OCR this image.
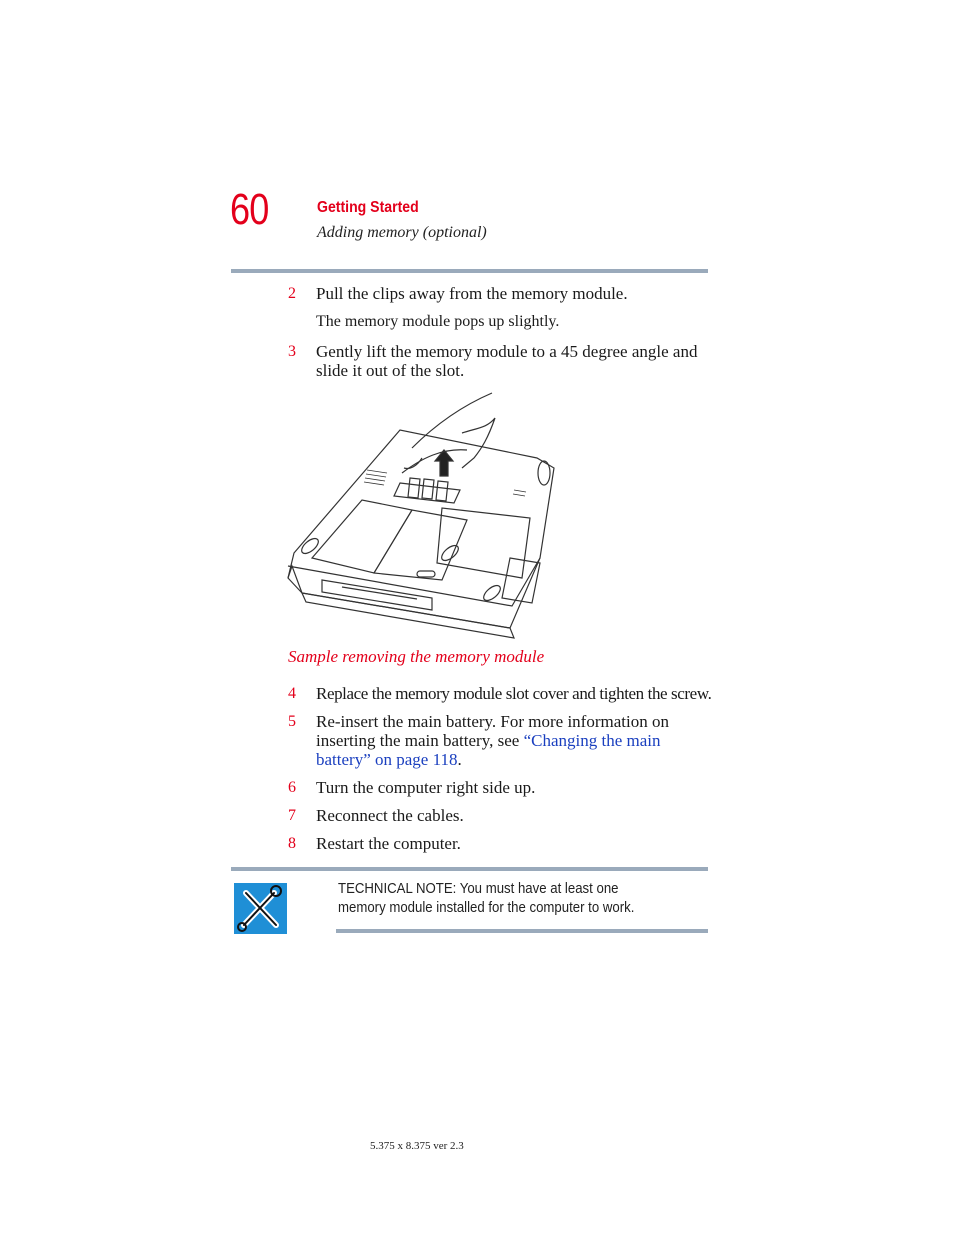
60	Getting Started
Adding memory (optional)
2 Pull the clips away from the memory module.
The memory module pops up slightly.
3 Gently lift the memory module to a 45 degree angle and slide it out of the slot.
Sample removing the memory module
4 Replace the memory module slot cover and tighten the screw.
5 Re-insert the main battery. For more information on inserting the main battery, see “Changing the main battery” on page 118.
6 Turn the computer right side up.
7 Reconnect the cables.
8 Restart the computer.
TECHNICAL NOTE: You must have at least one memory module installed for the computer to work.
5.375 x 8.375 ver 2.3
